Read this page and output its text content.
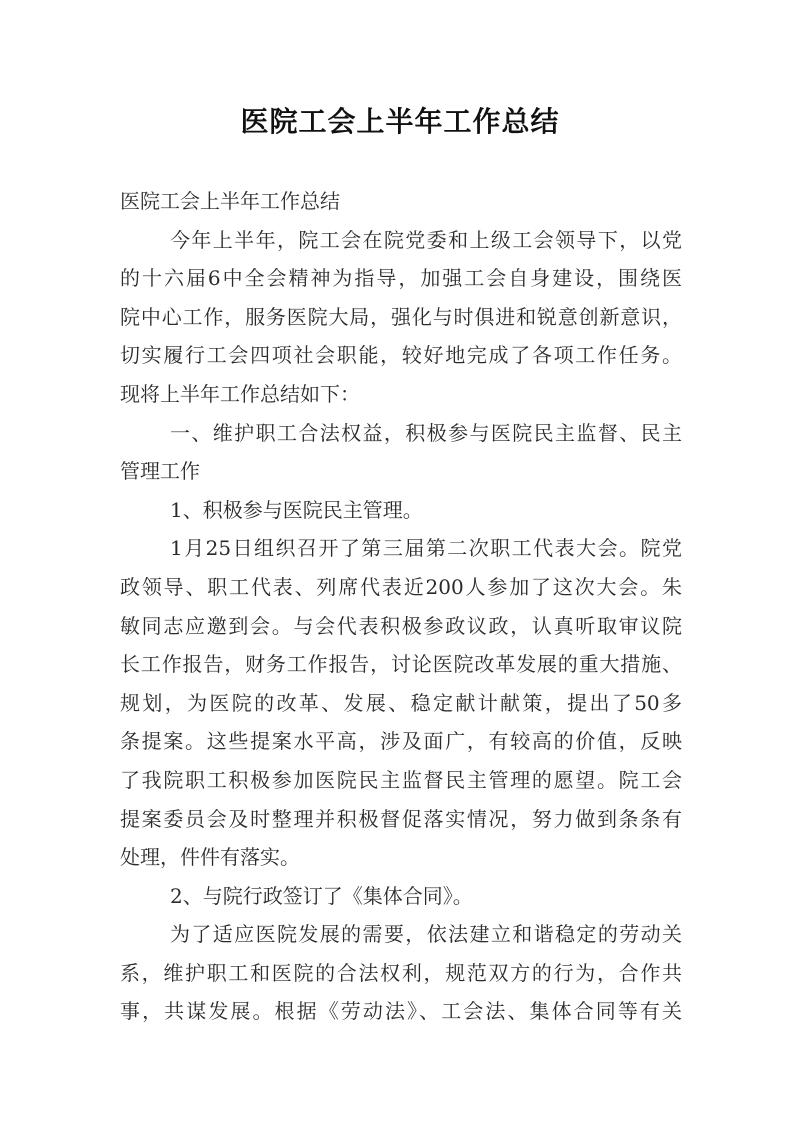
医院工会上半年工作总结
医院工会上半年工作总结
今年上半年，院工会在院党委和上级工会领导下，以党
的十六届6中全会精神为指导，加强工会自身建设，围绕医
院中心工作，服务医院大局，强化与时俱进和锐意创新意识，
切实履行工会四项社会职能，较好地完成了各项工作任务。
现将上半年工作总结如下：
一、维护职工合法权益，积极参与医院民主监督、民主
管理工作
1、积极参与医院民主管理。
1月25日组织召开了第三届第二次职工代表大会。院党
政领导、职工代表、列席代表近200人参加了这次大会。朱
敏同志应邀到会。与会代表积极参政议政，认真听取审议院
长工作报告，财务工作报告，讨论医院改革发展的重大措施、
规划，为医院的改革、发展、稳定献计献策，提出了50多
条提案。这些提案水平高，涉及面广，有较高的价值，反映
了我院职工积极参加医院民主监督民主管理的愿望。院工会
提案委员会及时整理并积极督促落实情况，努力做到条条有
处理，件件有落实。
2、与院行政签订了《集体合同》。
为了适应医院发展的需要，依法建立和谐稳定的劳动关
系，维护职工和医院的合法权利，规范双方的行为，合作共
事，共谋发展。根据《劳动法》、工会法、集体合同等有关
